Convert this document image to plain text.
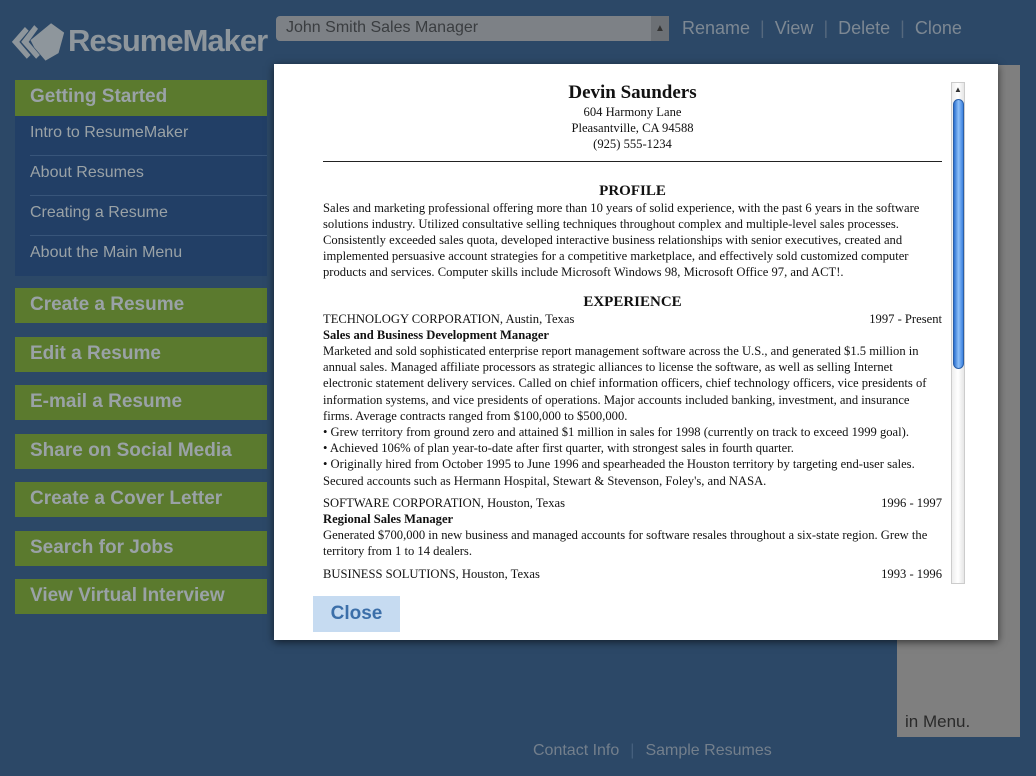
ResumeMaker	John Smith Sales Manager	▲ Rename | View | Delete | Clone
Getting Started
Intro to ResumeMaker
About Resumes
Creating a Resume
About the Main Menu
Create a Resume
Edit a Resume
E-mail a Resume
Share on Social Media
Create a Cover Letter
Search for Jobs
View Virtual Interview
in Menu.
Contact Info | Sample Resumes
Devin Saunders
604 Harmony Lane
Pleasantville, CA 94588
(925) 555-1234
PROFILE

Sales and marketing professional offering more than 10 years of solid experience, with the past 6 years in the software solutions industry. Utilized consultative selling techniques throughout complex and multiple-level sales processes. Consistently exceeded sales quota, developed interactive business relationships with senior executives, created and implemented persuasive account strategies for a competitive marketplace, and effectively sold customized computer products and services. Computer skills include Microsoft Windows 98, Microsoft Office 97, and ACT!.

EXPERIENCE
TECHNOLOGY CORPORATION, Austin, Texas	1997 - Present
Sales and Business Development Manager

Marketed and sold sophisticated enterprise report management software across the U.S., and generated $1.5 million in annual sales. Managed affiliate processors as strategic alliances to license the software, as well as selling Internet electronic statement delivery services. Called on chief information officers, chief technology officers, vice presidents of information systems, and vice presidents of operations. Major accounts included banking, investment, and insurance firms. Average contracts ranged from $100,000 to $500,000.

• Grew territory from ground zero and attained $1 million in sales for 1998 (currently on track to exceed 1999 goal).

• Achieved 106% of plan year-to-date after first quarter, with strongest sales in fourth quarter.

• Originally hired from October 1995 to June 1996 and spearheaded the Houston territory by targeting end-user sales. Secured accounts such as Hermann Hospital, Stewart & Stevenson, Foley's, and NASA.

SOFTWARE CORPORATION, Houston, Texas	1996 - 1997
Regional Sales Manager

Generated $700,000 in new business and managed accounts for software resales throughout a six-state region. Grew the territory from 1 to 14 dealers.

BUSINESS SOLUTIONS, Houston, Texas	1993 - 1996
▲
Close
